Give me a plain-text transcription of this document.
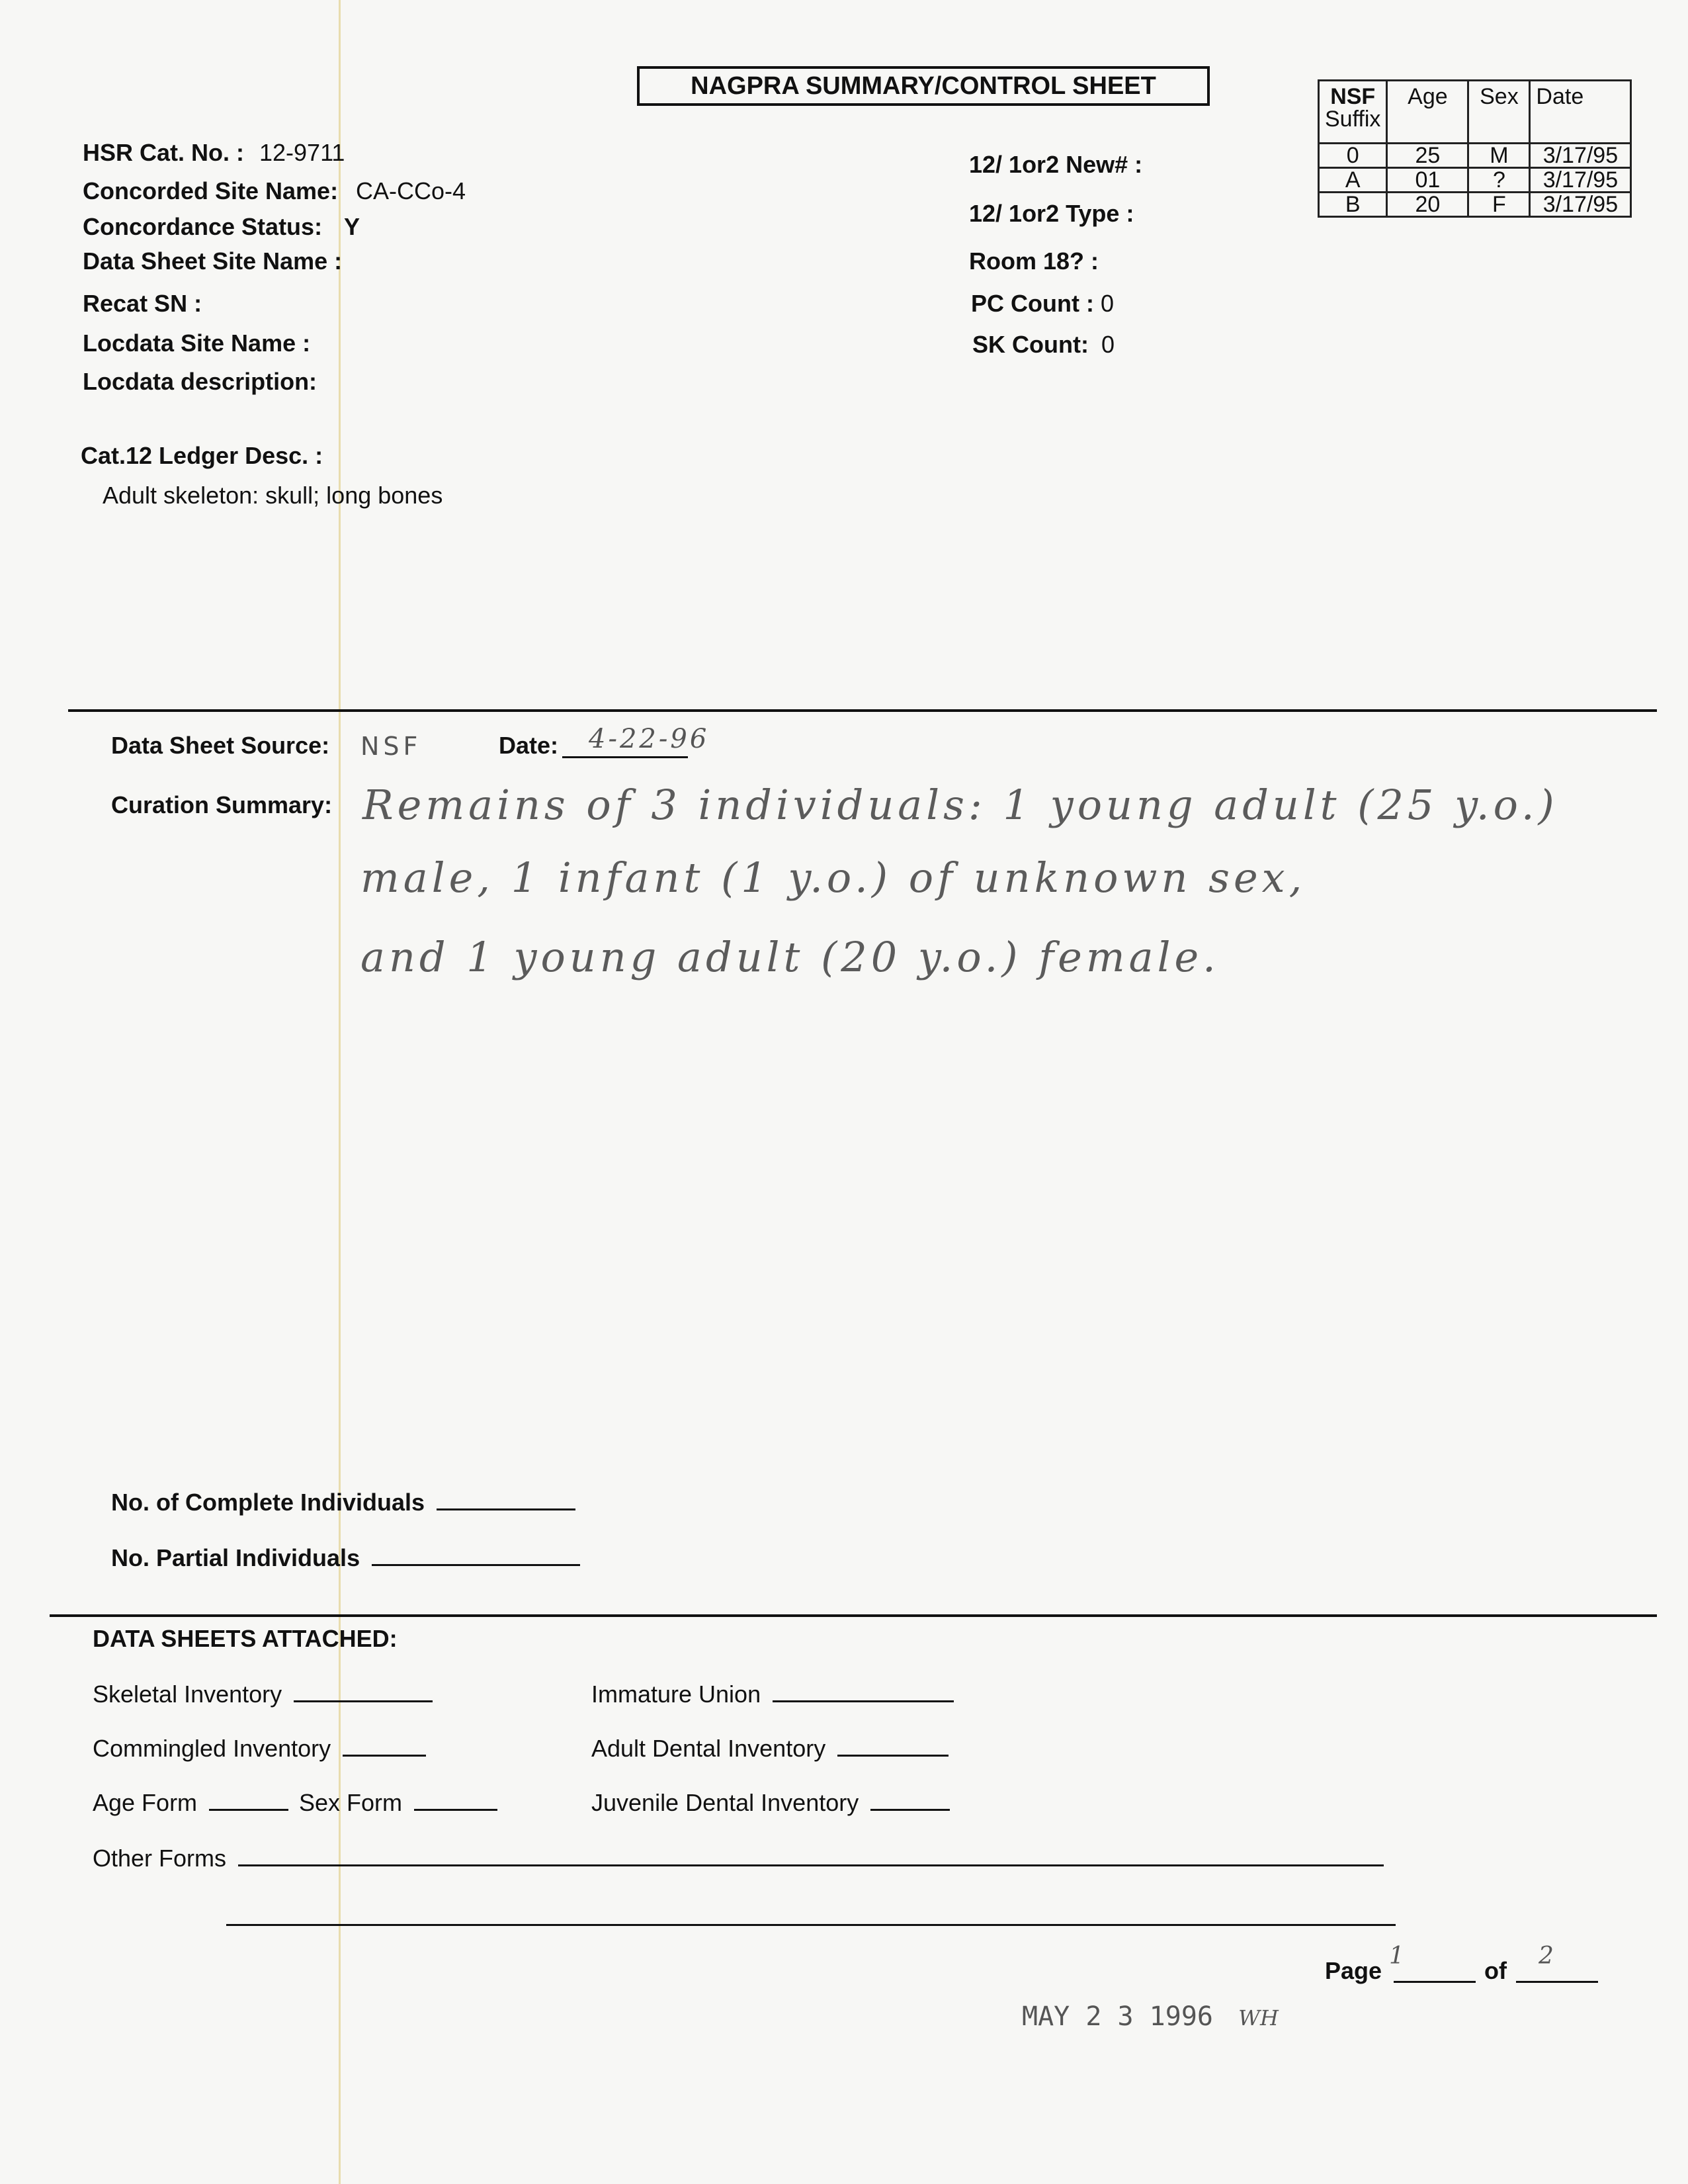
NAGPRA SUMMARY/CONTROL SHEET
HSR Cat. No. : 12-9711
Concorded Site Name: CA-CCo-4
Concordance Status: Y
Data Sheet Site Name :
Recat SN :
Locdata Site Name :
Locdata description:
Cat.12 Ledger Desc. :
Adult skeleton: skull; long bones
12/ 1or2 New# :
12/ 1or2 Type :
Room 18? :
PC Count : 0
SK Count: 0
NSF
Suffix	Age	Sex	Date
0	25	M	3/17/95
A	01	?	3/17/95
B	20	F	3/17/95
Data Sheet Source: NSF	Date: 4-22-96
Curation Summary: Remains of 3 individuals: 1 young adult (25 y.o.)
male, 1 infant (1 y.o.) of unknown sex,
and 1 young adult (20 y.o.) female.
No. of Complete Individuals
No. Partial Individuals
DATA SHEETS ATTACHED:
Skeletal Inventory
Commingled Inventory
Age Form	Sex Form
Other Forms
Immature Union
Adult Dental Inventory
Juvenile Dental Inventory
Page
1
of
2
MAY 2 3 1996 WH
